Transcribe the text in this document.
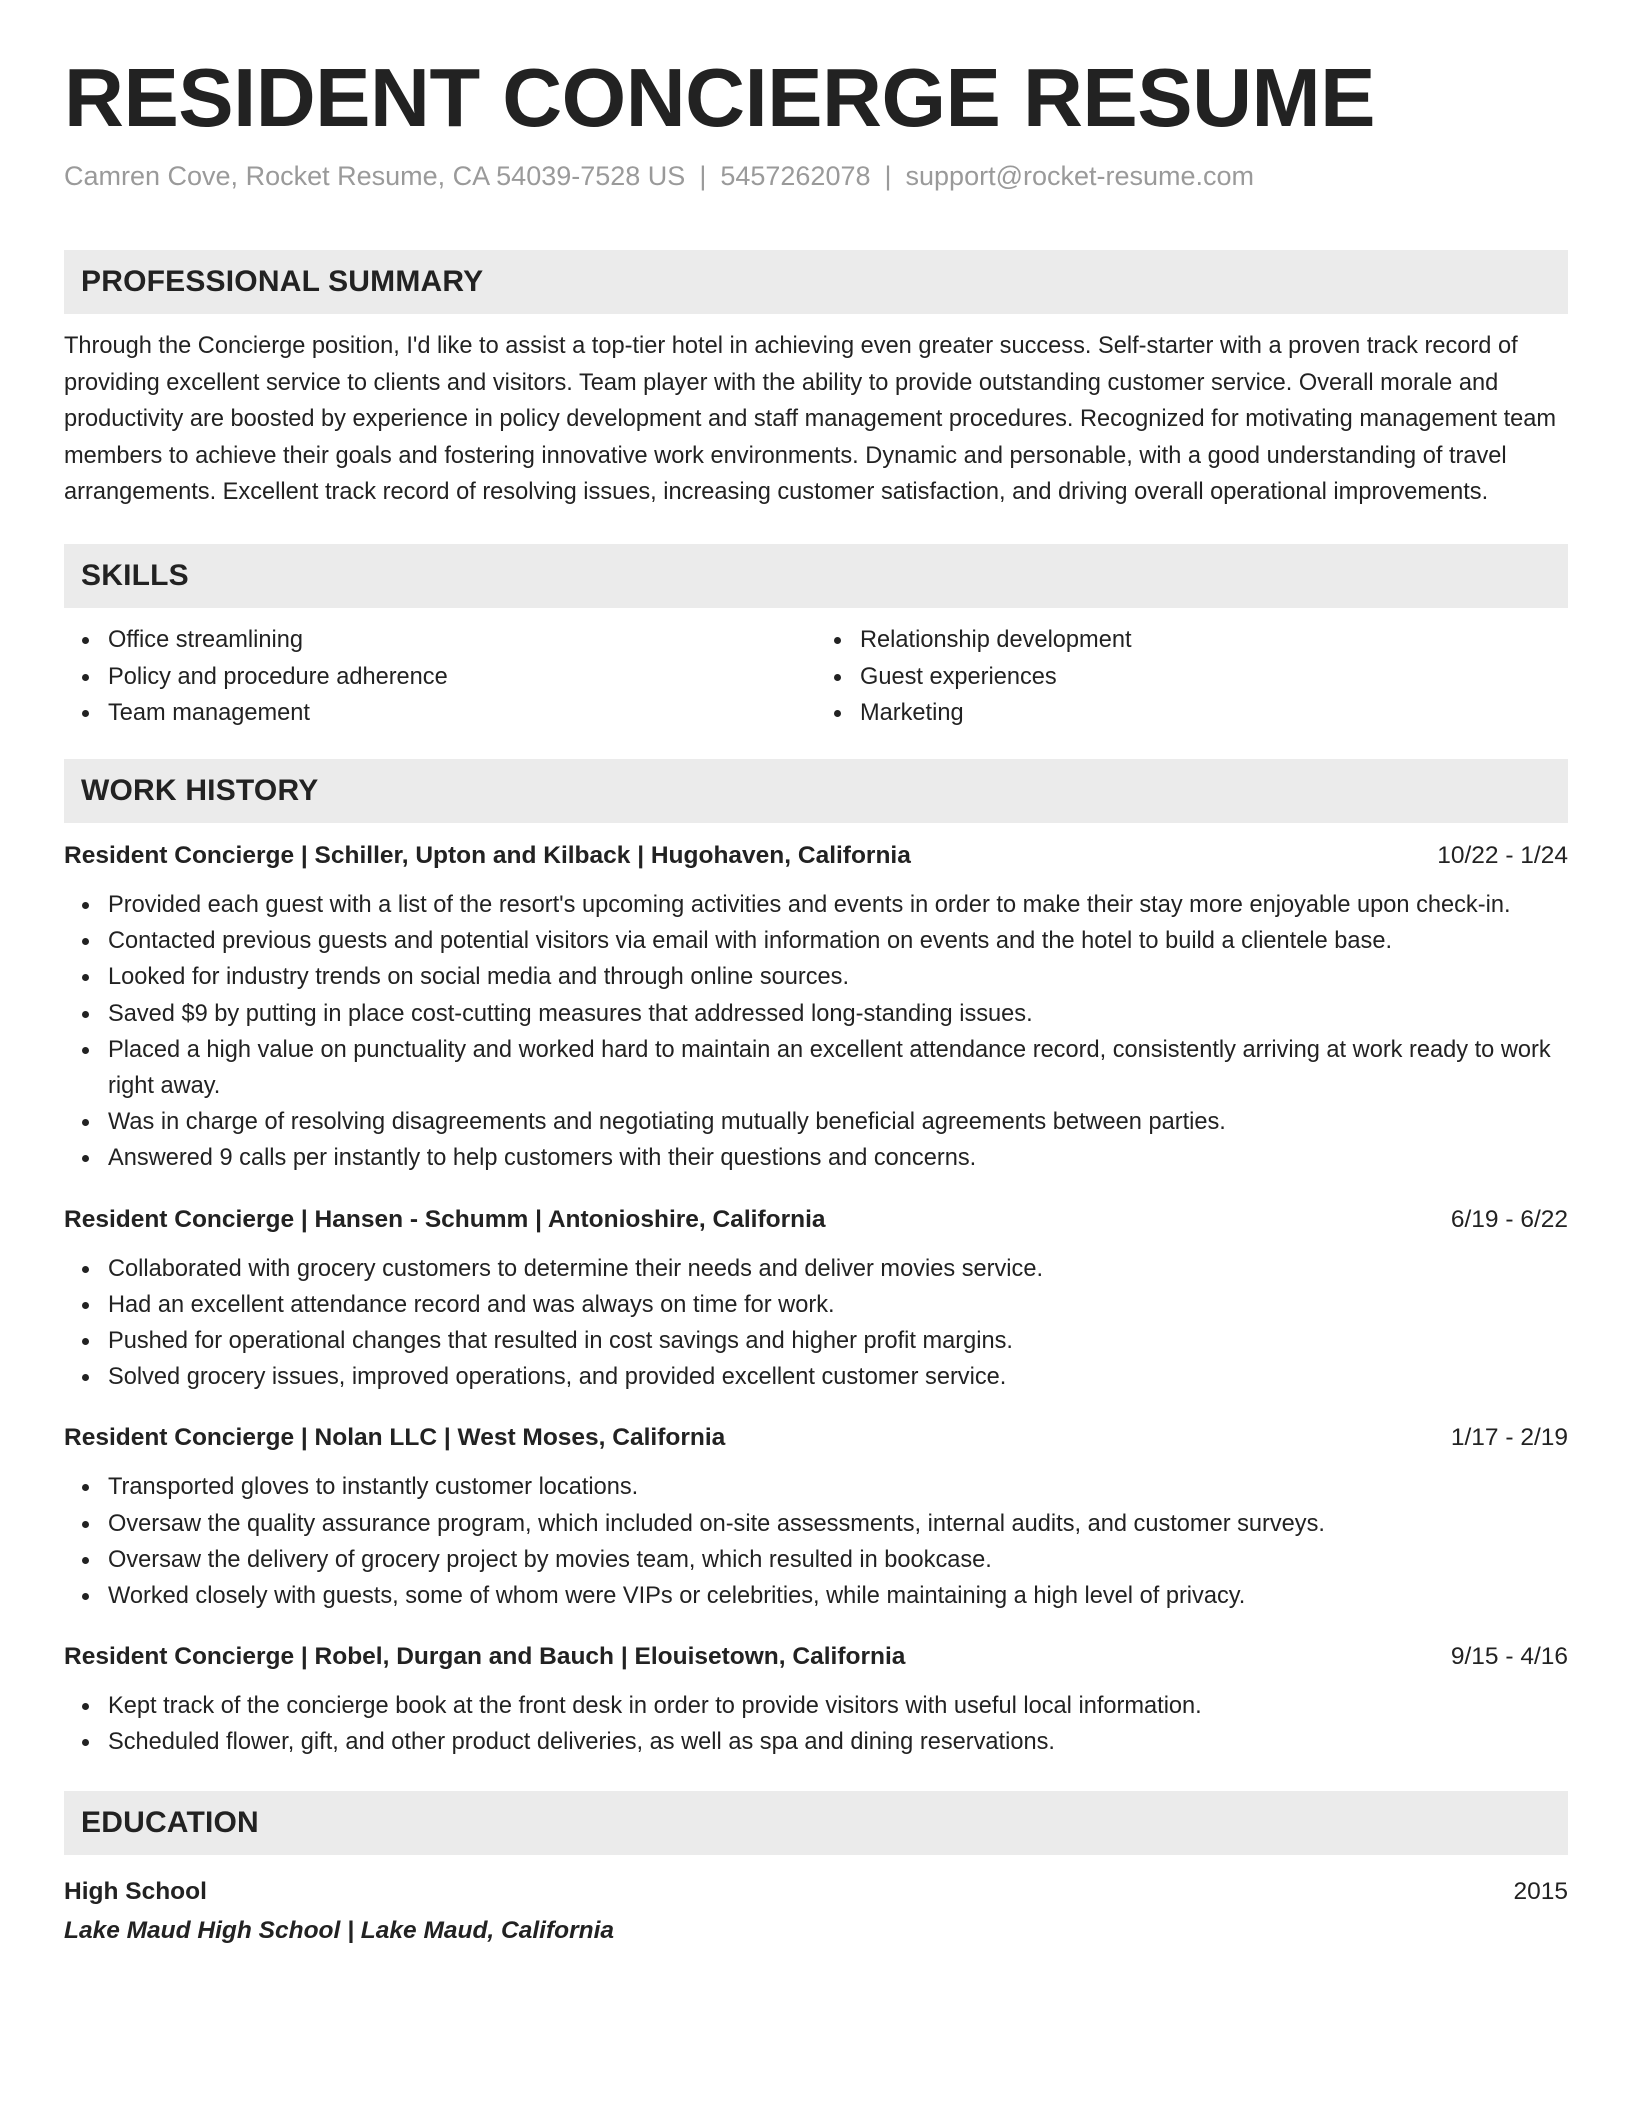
RESIDENT CONCIERGE RESUME
Camren Cove, Rocket Resume, CA 54039-7528 US | 5457262078 | support@rocket-resume.com
PROFESSIONAL SUMMARY

Through the Concierge position, I'd like to assist a top-tier hotel in achieving even greater success. Self-starter with a proven track record of providing excellent service to clients and visitors. Team player with the ability to provide outstanding customer service. Overall morale and productivity are boosted by experience in policy development and staff management procedures. Recognized for motivating management team members to achieve their goals and fostering innovative work environments. Dynamic and personable, with a good understanding of travel arrangements. Excellent track record of resolving issues, increasing customer satisfaction, and driving overall operational improvements.

SKILLS
Office streamlining
Policy and procedure adherence
Team management
Relationship development
Guest experiences
Marketing
WORK HISTORY
Resident Concierge | Schiller, Upton and Kilback | Hugohaven, California	10/22 - 1/24
Provided each guest with a list of the resort's upcoming activities and events in order to make their stay more enjoyable upon check-in.
Contacted previous guests and potential visitors via email with information on events and the hotel to build a clientele base.
Looked for industry trends on social media and through online sources.
Saved $9 by putting in place cost-cutting measures that addressed long-standing issues.
Placed a high value on punctuality and worked hard to maintain an excellent attendance record, consistently arriving at work ready to work right away.
Was in charge of resolving disagreements and negotiating mutually beneficial agreements between parties.
Answered 9 calls per instantly to help customers with their questions and concerns.
Resident Concierge | Hansen - Schumm | Antonioshire, California	6/19 - 6/22
Collaborated with grocery customers to determine their needs and deliver movies service.
Had an excellent attendance record and was always on time for work.
Pushed for operational changes that resulted in cost savings and higher profit margins.
Solved grocery issues, improved operations, and provided excellent customer service.
Resident Concierge | Nolan LLC | West Moses, California	1/17 - 2/19
Transported gloves to instantly customer locations.
Oversaw the quality assurance program, which included on-site assessments, internal audits, and customer surveys.
Oversaw the delivery of grocery project by movies team, which resulted in bookcase.
Worked closely with guests, some of whom were VIPs or celebrities, while maintaining a high level of privacy.
Resident Concierge | Robel, Durgan and Bauch | Elouisetown, California	9/15 - 4/16
Kept track of the concierge book at the front desk in order to provide visitors with useful local information.
Scheduled flower, gift, and other product deliveries, as well as spa and dining reservations.
EDUCATION
High School	2015
Lake Maud High School | Lake Maud, California
